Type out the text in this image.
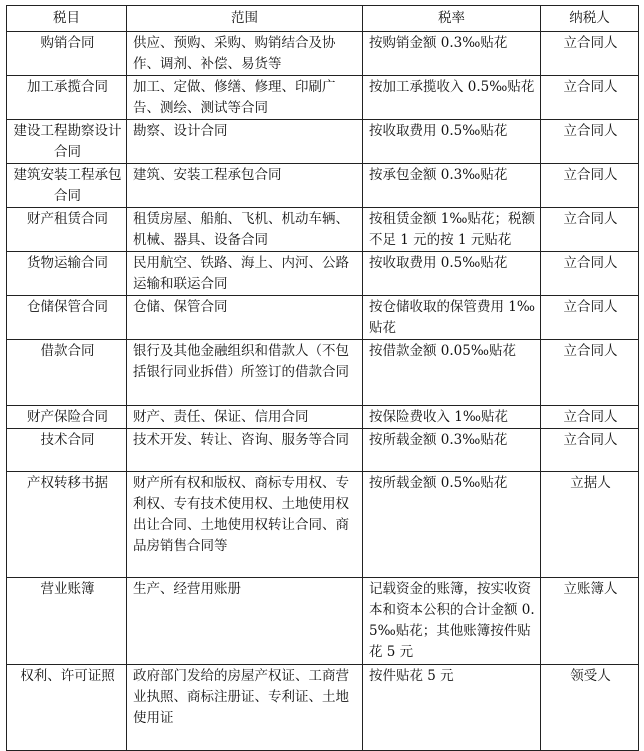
税目	范围	税率	纳税人
购销合同	供应、预购、采购、购销结合及协作、调剂、补偿、易货等	按购销金额 0.3‰贴花	立合同人
加工承揽合同	加工、定做、修缮、修理、印刷广告、测绘、测试等合同	按加工承揽收入 0.5‰贴花	立合同人
建设工程勘察设计合同	勘察、设计合同	按收取费用 0.5‰贴花	立合同人
建筑安装工程承包合同	建筑、安装工程承包合同	按承包金额 0.3‰贴花	立合同人
财产租赁合同	租赁房屋、船舶、飞机、机动车辆、机械、器具、设备合同	按租赁金额 1‰贴花；税额不足 1 元的按 1 元贴花	立合同人
货物运输合同	民用航空、铁路、海上、内河、公路运输和联运合同	按收取费用 0.5‰贴花	立合同人
仓储保管合同	仓储、保管合同	按仓储收取的保管费用 1‰贴花	立合同人
借款合同	银行及其他金融组织和借款人（不包括银行同业拆借）所签订的借款合同	按借款金额 0.05‰贴花	立合同人
财产保险合同	财产、责任、保证、信用合同	按保险费收入 1‰贴花	立合同人
技术合同	技术开发、转让、咨询、服务等合同	按所载金额 0.3‰贴花	立合同人
产权转移书据	财产所有权和版权、商标专用权、专利权、专有技术使用权、土地使用权出让合同、土地使用权转让合同、商品房销售合同等	按所载金额 0.5‰贴花	立据人
营业账簿	生产、经营用账册	记载资金的账簿，按实收资本和资本公积的合计金额 0.5‰贴花；其他账簿按件贴花 5 元	立账簿人
权利、许可证照	政府部门发给的房屋产权证、工商营业执照、商标注册证、专利证、土地使用证	按件贴花 5 元	领受人
